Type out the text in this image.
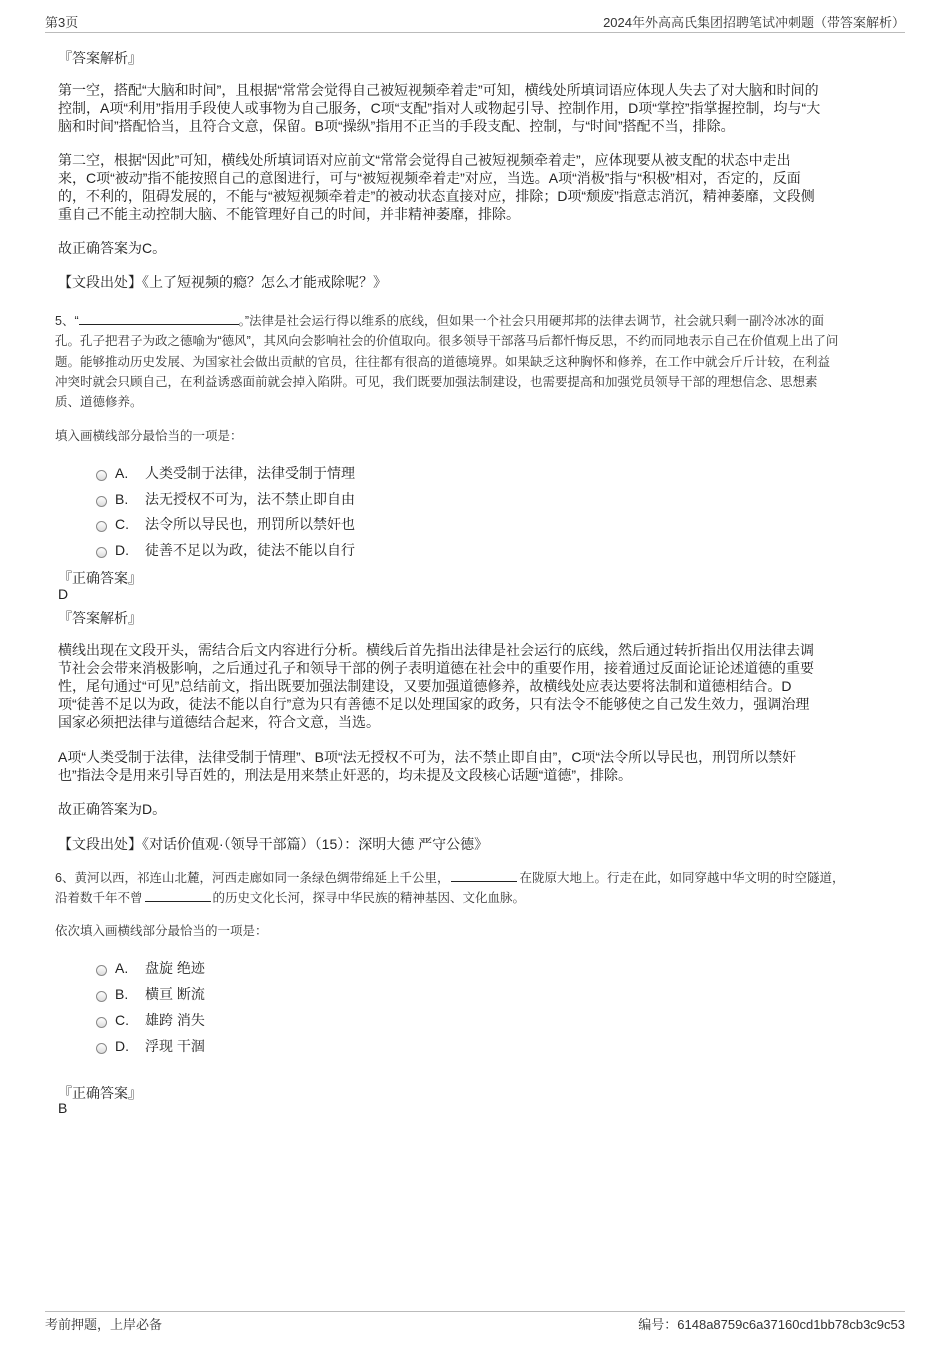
第3页	2024年外高高氏集团招聘笔试冲刺题（带答案解析）
『答案解析』
第一空，搭配“大脑和时间”，且根据“常常会觉得自己被短视频牵着走”可知，横线处所填词语应体现人失去了对大脑和时间的
控制，A项“利用”指用手段使人或事物为自己服务，C项“支配”指对人或物起引导、控制作用，D项“掌控”指掌握控制，均与“大
脑和时间”搭配恰当，且符合文意，保留。B项“操纵”指用不正当的手段支配、控制，与“时间”搭配不当，排除。
第二空，根据“因此”可知，横线处所填词语对应前文“常常会觉得自己被短视频牵着走”，应体现要从被支配的状态中走出
来，C项“被动”指不能按照自己的意图进行，可与“被短视频牵着走”对应，当选。A项“消极”指与“积极”相对，否定的，反面
的，不利的，阻碍发展的，不能与“被短视频牵着走”的被动状态直接对应，排除；D项“颓废”指意志消沉，精神萎靡，文段侧
重自己不能主动控制大脑、不能管理好自己的时间，并非精神萎靡，排除。
故正确答案为C。
【文段出处】《上了短视频的瘾？怎么才能戒除呢？》
5、“	。”法律是社会运行得以维系的底线，但如果一个社会只用硬邦邦的法律去调节，社会就只剩一副冷冰冰的面
孔。孔子把君子为政之德喻为“德风”，其风向会影响社会的价值取向。很多领导干部落马后都忏悔反思，不约而同地表示自己在价值观上出了问
题。能够推动历史发展、为国家社会做出贡献的官员，往往都有很高的道德境界。如果缺乏这种胸怀和修养，在工作中就会斤斤计较，在利益
冲突时就会只顾自己，在利益诱惑面前就会掉入陷阱。可见，我们既要加强法制建设，也需要提高和加强党员领导干部的理想信念、思想素
质、道德修养。
填入画横线部分最恰当的一项是：
A.	人类受制于法律，法律受制于情理
B.	法无授权不可为，法不禁止即自由
C.	法令所以导民也，刑罚所以禁奸也
D.	徒善不足以为政，徒法不能以自行
『正确答案』
D
『答案解析』
横线出现在文段开头，需结合后文内容进行分析。横线后首先指出法律是社会运行的底线，然后通过转折指出仅用法律去调
节社会会带来消极影响，之后通过孔子和领导干部的例子表明道德在社会中的重要作用，接着通过反面论证论述道德的重要
性，尾句通过“可见”总结前文，指出既要加强法制建设，又要加强道德修养，故横线处应表达要将法制和道德相结合。D
项“徒善不足以为政，徒法不能以自行”意为只有善德不足以处理国家的政务，只有法令不能够使之自己发生效力，强调治理
国家必须把法律与道德结合起来，符合文意，当选。
A项“人类受制于法律，法律受制于情理”、B项“法无授权不可为，法不禁止即自由”，C项“法令所以导民也，刑罚所以禁奸
也”指法令是用来引导百姓的，刑法是用来禁止奸恶的，均未提及文段核心话题“道德”，排除。
故正确答案为D。
【文段出处】《对话价值观·（领导干部篇）（15）：深明大德 严守公德》
6、黄河以西，祁连山北麓，河西走廊如同一条绿色绸带绵延上千公里，	在陇原大地上。行走在此，如同穿越中华文明的时空隧道，
沿着数千年不曾	的历史文化长河，探寻中华民族的精神基因、文化血脉。
依次填入画横线部分最恰当的一项是：
A.	盘旋 绝迹
B.	横亘 断流
C.	雄跨 消失
D.	浮现 干涸
『正确答案』
B
考前押题，上岸必备	编号：6148a8759c6a37160cd1bb78cb3c9c53
